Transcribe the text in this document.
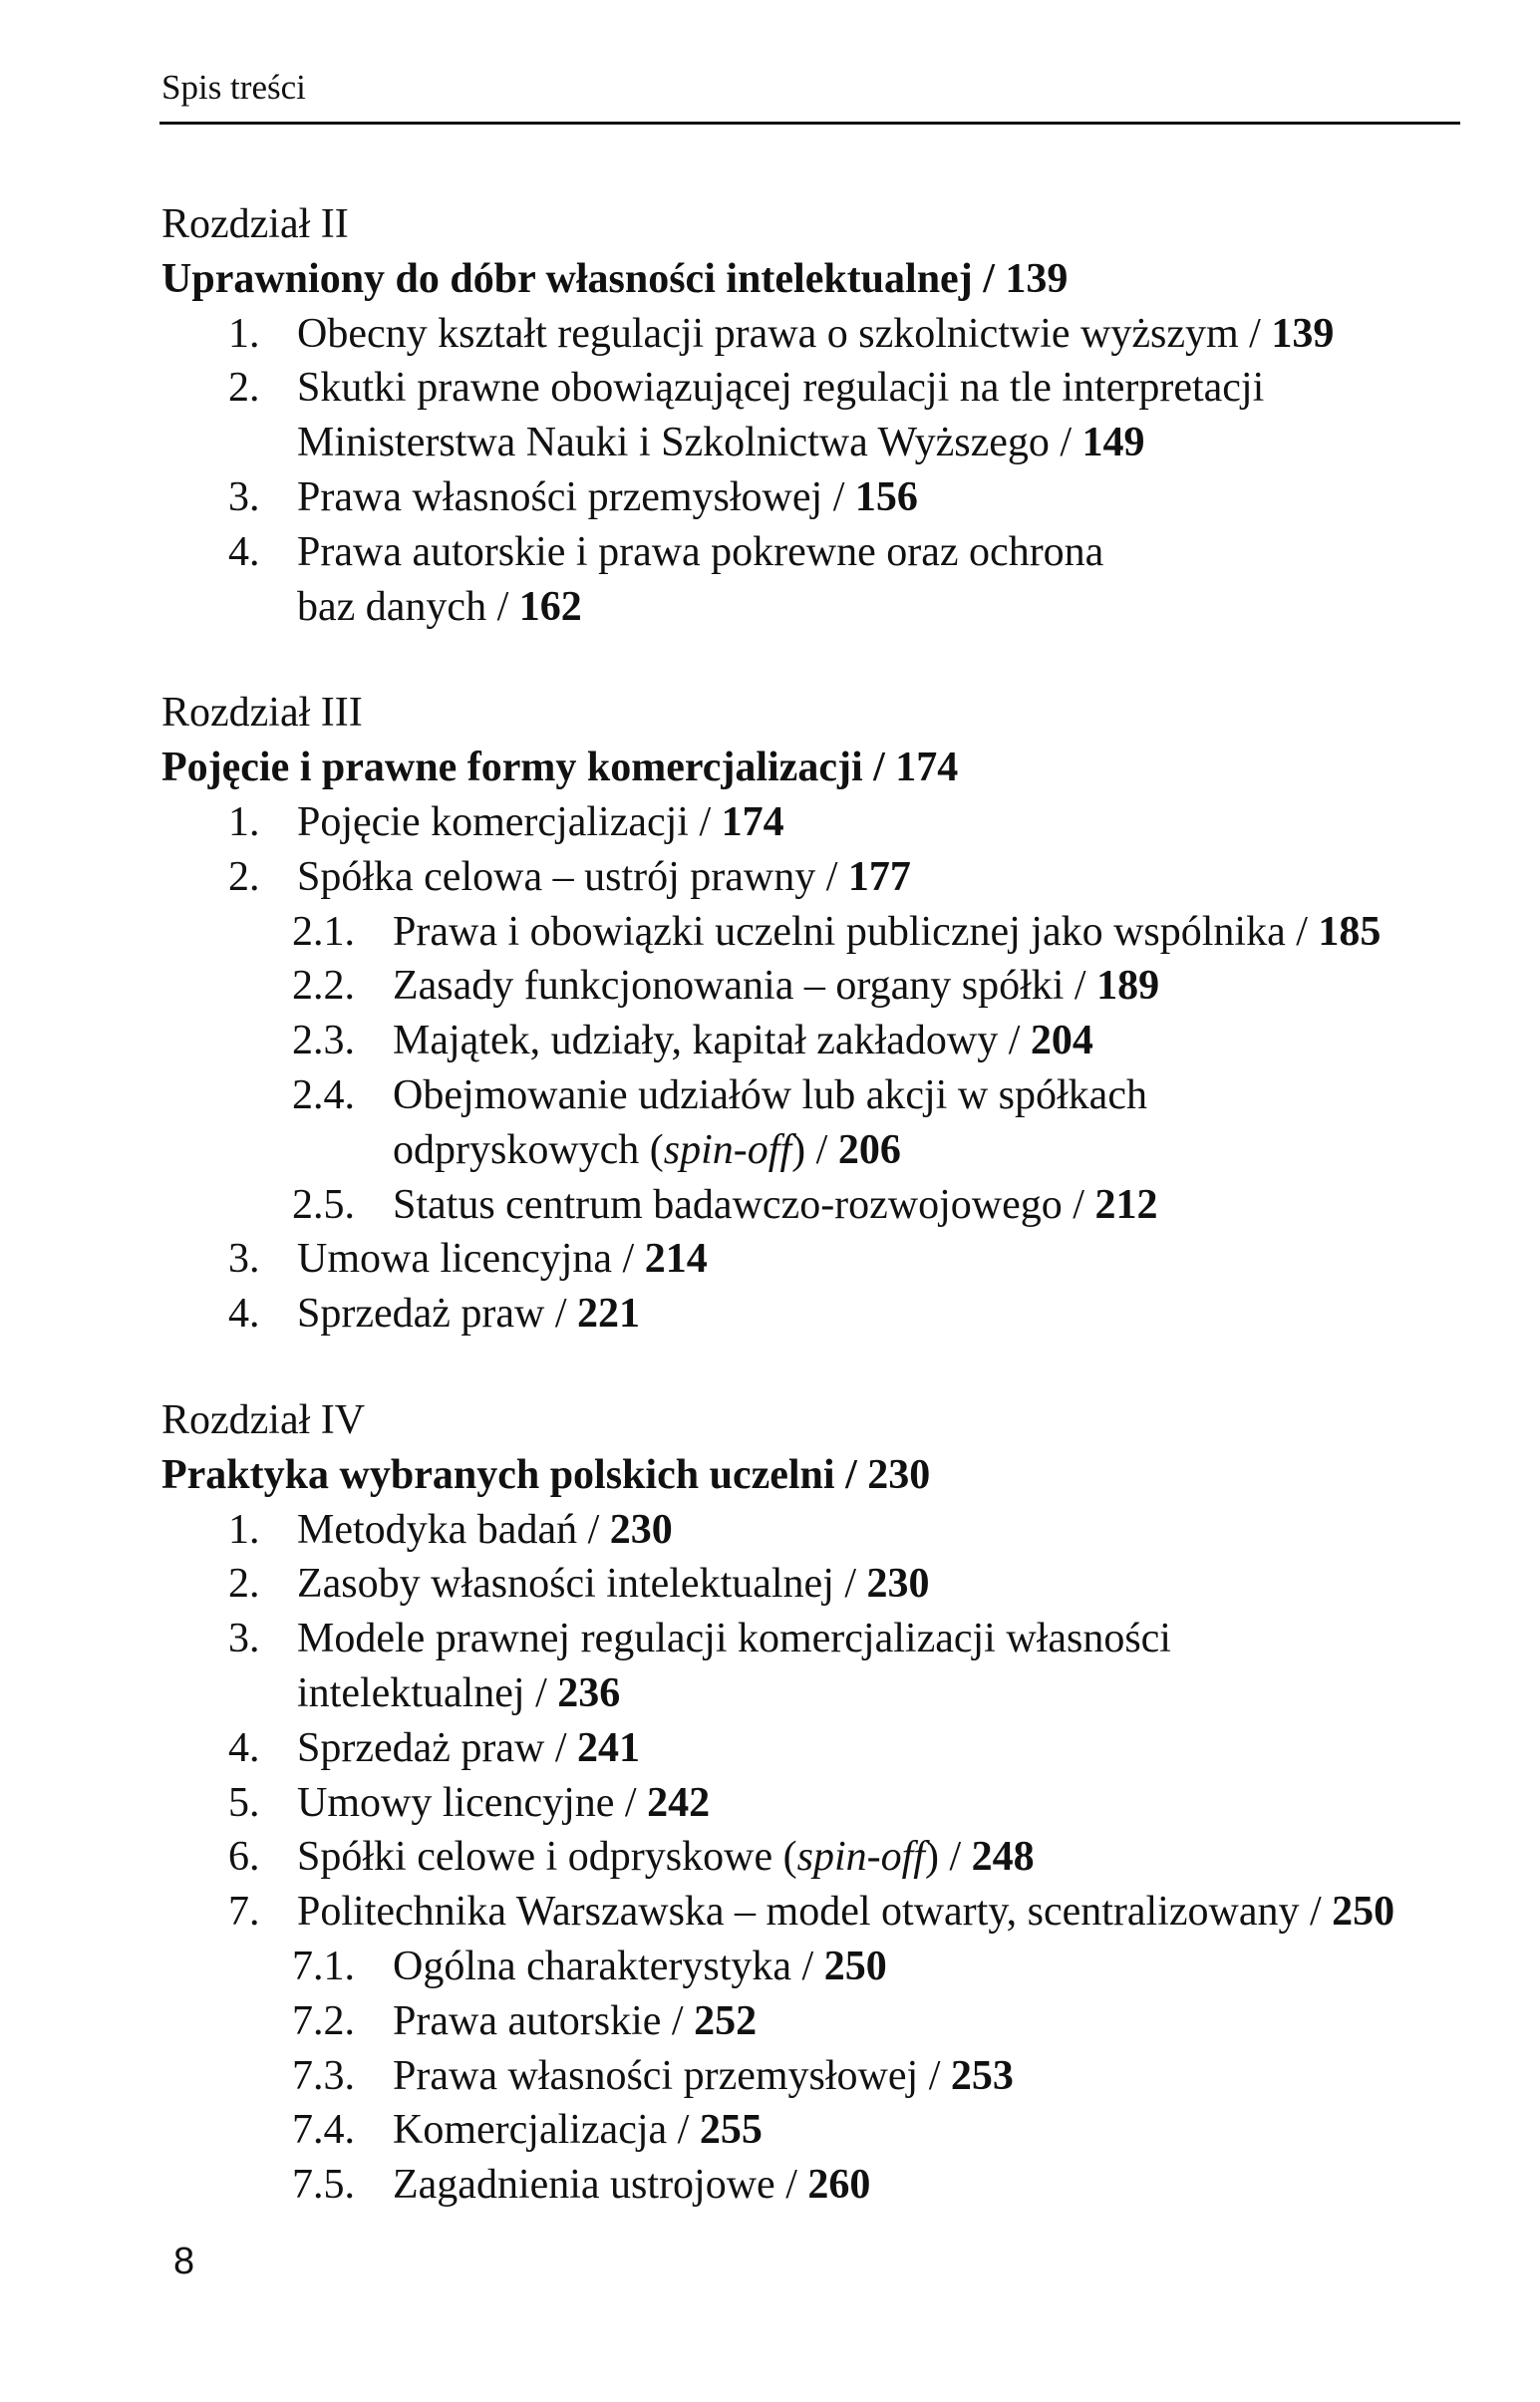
Spis treści
Rozdział II
Uprawniony do dóbr własności intelektualnej / 139
1. Obecny kształt regulacji prawa o szkolnictwie wyższym / 139
2. Skutki prawne obowiązującej regulacji na tle interpretacji
Ministerstwa Nauki i Szkolnictwa Wyższego / 149
3. Prawa własności przemysłowej / 156
4. Prawa autorskie i prawa pokrewne oraz ochrona
baz danych / 162
Rozdział III
Pojęcie i prawne formy komercjalizacji / 174
1. Pojęcie komercjalizacji / 174
2. Spółka celowa – ustrój prawny / 177
2.1. Prawa i obowiązki uczelni publicznej jako wspólnika / 185
2.2. Zasady funkcjonowania – organy spółki / 189
2.3. Majątek, udziały, kapitał zakładowy / 204
2.4. Obejmowanie udziałów lub akcji w spółkach
odpryskowych (spin-off) / 206
2.5. Status centrum badawczo-rozwojowego / 212
3. Umowa licencyjna / 214
4. Sprzedaż praw / 221
Rozdział IV
Praktyka wybranych polskich uczelni / 230
1. Metodyka badań / 230
2. Zasoby własności intelektualnej / 230
3. Modele prawnej regulacji komercjalizacji własności
intelektualnej / 236
4. Sprzedaż praw / 241
5. Umowy licencyjne / 242
6. Spółki celowe i odpryskowe (spin-off) / 248
7. Politechnika Warszawska – model otwarty, scentralizowany / 250
7.1. Ogólna charakterystyka / 250
7.2. Prawa autorskie / 252
7.3. Prawa własności przemysłowej / 253
7.4. Komercjalizacja / 255
7.5. Zagadnienia ustrojowe / 260
8
